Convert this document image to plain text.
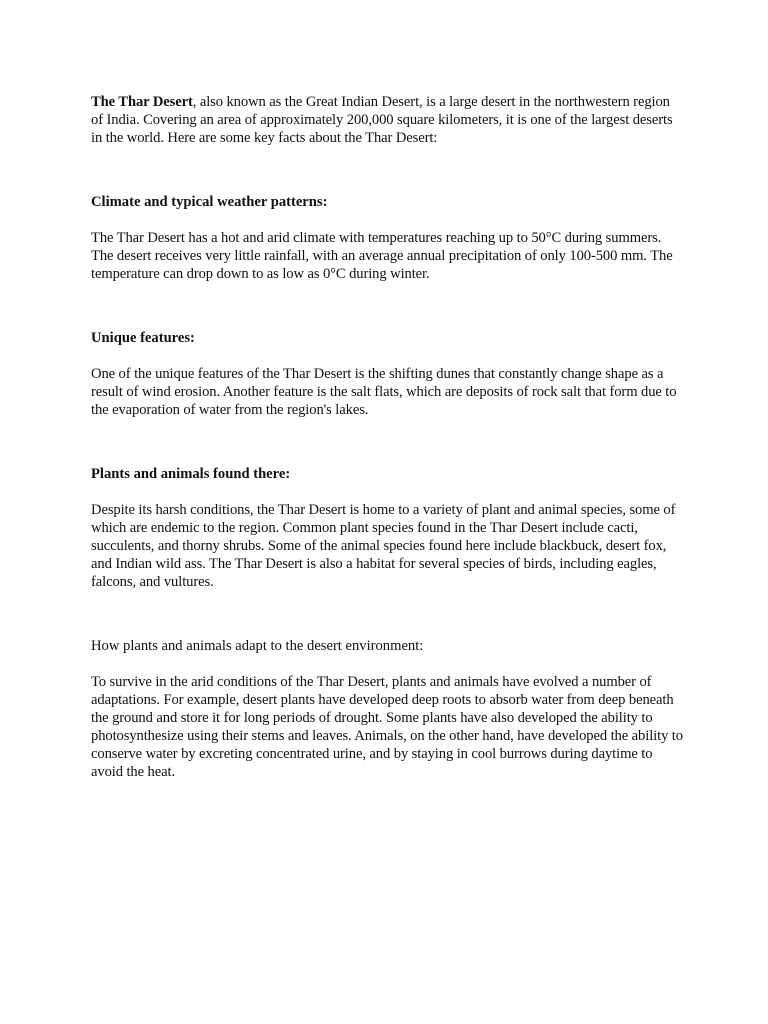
The Thar Desert, also known as the Great Indian Desert, is a large desert in the northwestern region of India. Covering an area of approximately 200,000 square kilometers, it is one of the largest deserts in the world. Here are some key facts about the Thar Desert:

Climate and typical weather patterns:

The Thar Desert has a hot and arid climate with temperatures reaching up to 50°C during summers. The desert receives very little rainfall, with an average annual precipitation of only 100-500 mm. The temperature can drop down to as low as 0°C during winter.

Unique features:

One of the unique features of the Thar Desert is the shifting dunes that constantly change shape as a result of wind erosion. Another feature is the salt flats, which are deposits of rock salt that form due to the evaporation of water from the region's lakes.

Plants and animals found there:

Despite its harsh conditions, the Thar Desert is home to a variety of plant and animal species, some of which are endemic to the region. Common plant species found in the Thar Desert include cacti, succulents, and thorny shrubs. Some of the animal species found here include blackbuck, desert fox, and Indian wild ass. The Thar Desert is also a habitat for several species of birds, including eagles, falcons, and vultures.

How plants and animals adapt to the desert environment:

To survive in the arid conditions of the Thar Desert, plants and animals have evolved a number of adaptations. For example, desert plants have developed deep roots to absorb water from deep beneath the ground and store it for long periods of drought. Some plants have also developed the ability to photosynthesize using their stems and leaves. Animals, on the other hand, have developed the ability to conserve water by excreting concentrated urine, and by staying in cool burrows during daytime to avoid the heat.
